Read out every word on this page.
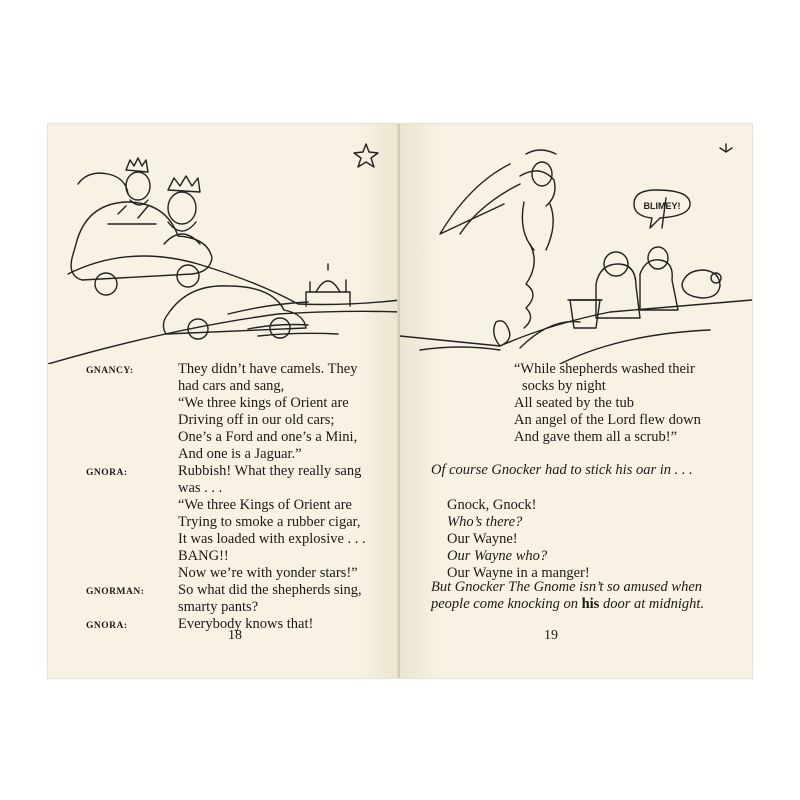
GNANCY:	They didn’t have camels. They
had cars and sang,
“We three kings of Orient are
Driving off in our old cars;
One’s a Ford and one’s a Mini,
And one is a Jaguar.”
GNORA:	Rubbish! What they really sang
was . . .
“We three Kings of Orient are
Trying to smoke a rubber cigar,
It was loaded with explosive . . .
BANG!!
Now we’re with yonder stars!”
GNORMAN:	So what did the shepherds sing,
smarty pants?
GNORA:	Everybody knows that!
18
BLIMEY!
“While shepherds washed their
socks by night
All seated by the tub
An angel of the Lord flew down
And gave them all a scrub!”
Of course Gnocker had to stick his oar in . . .
Gnock, Gnock!
Who’s there?
Our Wayne!
Our Wayne who?
Our Wayne in a manger!
But Gnocker The Gnome isn’t so amused when
people come knocking on his door at midnight.
19
